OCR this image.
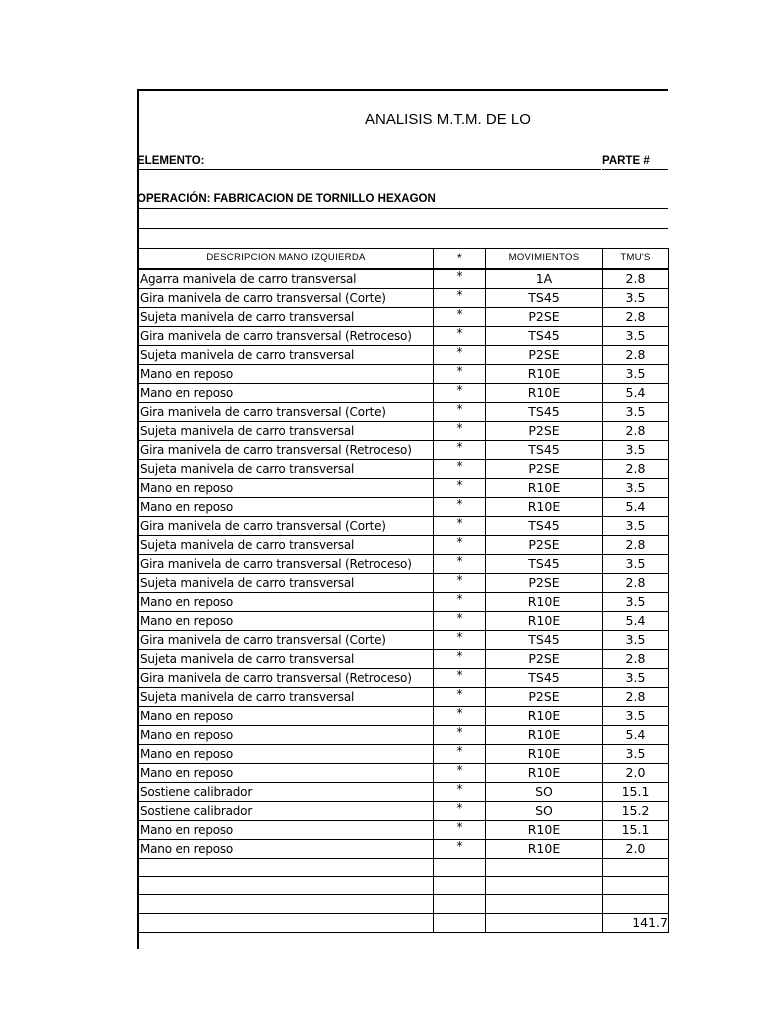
ANALISIS M.T.M. DE LO
ELEMENTO:	PARTE #
OPERACIÓN: FABRICACION DE TORNILLO HEXAGON
DESCRIPCION MANO IZQUIERDA	*	MOVIMIENTOS	TMU'S
Agarra manivela de carro transversal	*	1A	2.8
Gira manivela de carro transversal (Corte)	*	TS45	3.5
Sujeta manivela de carro transversal	*	P2SE	2.8
Gira manivela de carro transversal (Retroceso)	*	TS45	3.5
Sujeta manivela de carro transversal	*	P2SE	2.8
Mano en reposo	*	R10E	3.5
Mano en reposo	*	R10E	5.4
Gira manivela de carro transversal (Corte)	*	TS45	3.5
Sujeta manivela de carro transversal	*	P2SE	2.8
Gira manivela de carro transversal (Retroceso)	*	TS45	3.5
Sujeta manivela de carro transversal	*	P2SE	2.8
Mano en reposo	*	R10E	3.5
Mano en reposo	*	R10E	5.4
Gira manivela de carro transversal (Corte)	*	TS45	3.5
Sujeta manivela de carro transversal	*	P2SE	2.8
Gira manivela de carro transversal (Retroceso)	*	TS45	3.5
Sujeta manivela de carro transversal	*	P2SE	2.8
Mano en reposo	*	R10E	3.5
Mano en reposo	*	R10E	5.4
Gira manivela de carro transversal (Corte)	*	TS45	3.5
Sujeta manivela de carro transversal	*	P2SE	2.8
Gira manivela de carro transversal (Retroceso)	*	TS45	3.5
Sujeta manivela de carro transversal	*	P2SE	2.8
Mano en reposo	*	R10E	3.5
Mano en reposo	*	R10E	5.4
Mano en reposo	*	R10E	3.5
Mano en reposo	*	R10E	2.0
Sostiene calibrador	*	SO	15.1
Sostiene calibrador	*	SO	15.2
Mano en reposo	*	R10E	15.1
Mano en reposo	*	R10E	2.0

			141.7
